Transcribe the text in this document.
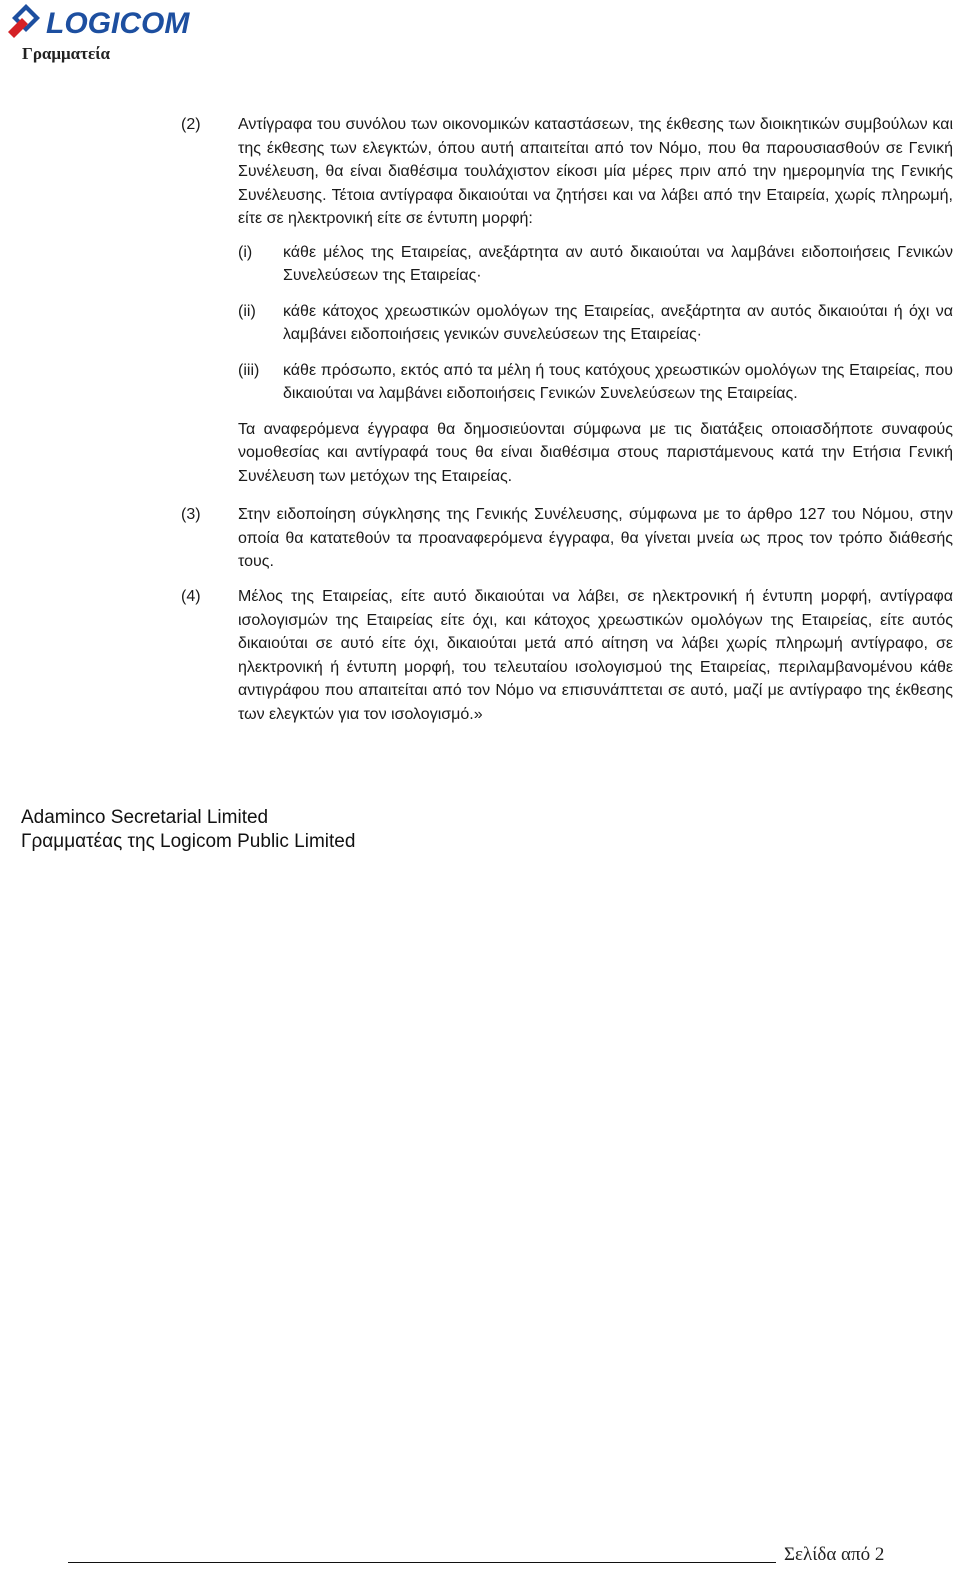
LOGICOM
Γραμματεία
(2) Αντίγραφα του συνόλου των οικονομικών καταστάσεων, της έκθεσης των διοικητικών συμβούλων και της έκθεσης των ελεγκτών, όπου αυτή απαιτείται από τον Νόμο, που θα παρουσιασθούν σε Γενική Συνέλευση, θα είναι διαθέσιμα τουλάχιστον είκοσι μία μέρες πριν από την ημερομηνία της Γενικής Συνέλευσης. Τέτοια αντίγραφα δικαιούται να ζητήσει και να λάβει από την Εταιρεία, χωρίς πληρωμή, είτε σε ηλεκτρονική είτε σε έντυπη μορφή:

(i) κάθε μέλος της Εταιρείας, ανεξάρτητα αν αυτό δικαιούται να λαμβάνει ειδοποιήσεις Γενικών Συνελεύσεων της Εταιρείας·
(ii) κάθε κάτοχος χρεωστικών ομολόγων της Εταιρείας, ανεξάρτητα αν αυτός δικαιούται ή όχι να λαμβάνει ειδοποιήσεις γενικών συνελεύσεων της Εταιρείας·
(iii) κάθε πρόσωπο, εκτός από τα μέλη ή τους κατόχους χρεωστικών ομολόγων της Εταιρείας, που δικαιούται να λαμβάνει ειδοποιήσεις Γενικών Συνελεύσεων της Εταιρείας.

Τα αναφερόμενα έγγραφα θα δημοσιεύονται σύμφωνα με τις διατάξεις οποιασδήποτε συναφούς νομοθεσίας και αντίγραφά τους θα είναι διαθέσιμα στους παριστάμενους κατά την Ετήσια Γενική Συνέλευση των μετόχων της Εταιρείας.

(3) Στην ειδοποίηση σύγκλησης της Γενικής Συνέλευσης, σύμφωνα με το άρθρο 127 του Νόμου, στην οποία θα κατατεθούν τα προαναφερόμενα έγγραφα, θα γίνεται μνεία ως προς τον τρόπο διάθεσής τους.

(4) Μέλος της Εταιρείας, είτε αυτό δικαιούται να λάβει, σε ηλεκτρονική ή έντυπη μορφή, αντίγραφα ισολογισμών της Εταιρείας είτε όχι, και κάτοχος χρεωστικών ομολόγων της Εταιρείας, είτε αυτός δικαιούται σε αυτό είτε όχι, δικαιούται μετά από αίτηση να λάβει χωρίς πληρωμή αντίγραφο, σε ηλεκτρονική ή έντυπη μορφή, του τελευταίου ισολογισμού της Εταιρείας, περιλαμβανομένου κάθε αντιγράφου που απαιτείται από τον Νόμο να επισυνάπτεται σε αυτό, μαζί με αντίγραφο της έκθεσης των ελεγκτών για τον ισολογισμό.»

Adaminco Secretarial Limited
Γραμματέας της Logicom Public Limited
Σελίδα από 2
